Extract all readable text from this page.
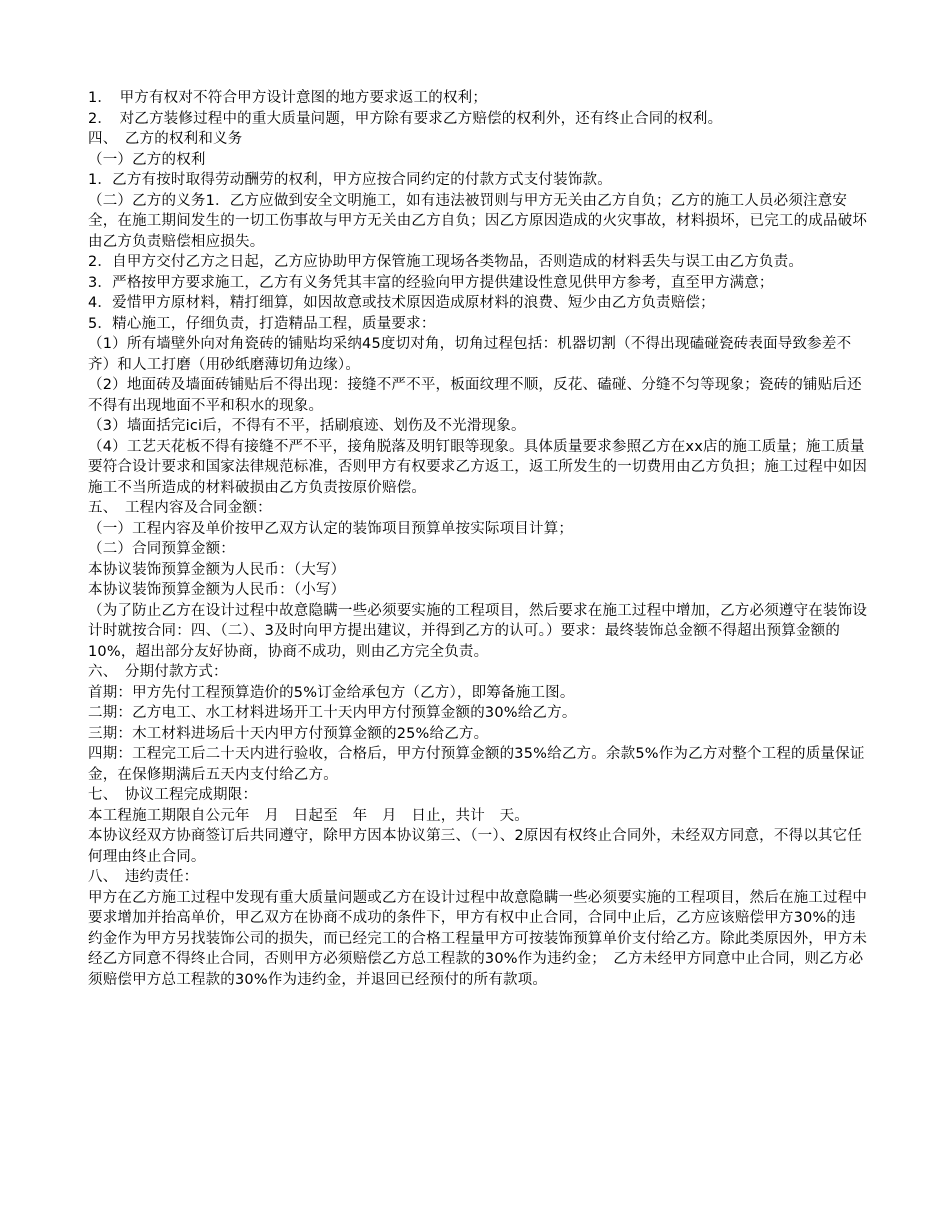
1．　甲方有权对不符合甲方设计意图的地方要求返工的权利；

2．　对乙方装修过程中的重大质量问题，甲方除有要求乙方赔偿的权利外，还有终止合同的权利。

四、　乙方的权利和义务

（一）乙方的权利

1．乙方有按时取得劳动酬劳的权利，甲方应按合同约定的付款方式支付装饰款。

（二）乙方的义务1．乙方应做到安全文明施工，如有违法被罚则与甲方无关由乙方自负；乙方的施工人员必须注意安全，在施工期间发生的一切工伤事故与甲方无关由乙方自负；因乙方原因造成的火灾事故，材料损坏，已完工的成品破坏由乙方负责赔偿相应损失。

2．自甲方交付乙方之日起，乙方应协助甲方保管施工现场各类物品，否则造成的材料丢失与误工由乙方负责。

3．严格按甲方要求施工，乙方有义务凭其丰富的经验向甲方提供建设性意见供甲方参考，直至甲方满意；

4．爱惜甲方原材料，精打细算，如因故意或技术原因造成原材料的浪费、短少由乙方负责赔偿；

5．精心施工，仔细负责，打造精品工程，质量要求：

（1）所有墙壁外向对角瓷砖的铺贴均采纳45度切对角，切角过程包括：机器切割（不得出现磕碰瓷砖表面导致参差不齐）和人工打磨（用砂纸磨薄切角边缘）。

（2）地面砖及墙面砖铺贴后不得出现：接缝不严不平，板面纹理不顺，反花、磕碰、分缝不匀等现象；瓷砖的铺贴后还不得有出现地面不平和积水的现象。

（3）墙面括完ici后，不得有不平，括刷痕迹、划伤及不光滑现象。

（4）工艺天花板不得有接缝不严不平，接角脱落及明钉眼等现象。具体质量要求参照乙方在xx店的施工质量；施工质量要符合设计要求和国家法律规范标准，否则甲方有权要求乙方返工，返工所发生的一切费用由乙方负担；施工过程中如因施工不当所造成的材料破损由乙方负责按原价赔偿。

五、　工程内容及合同金额：

（一）工程内容及单价按甲乙双方认定的装饰项目预算单按实际项目计算；

（二）合同预算金额：

本协议装饰预算金额为人民币：（大写）

本协议装饰预算金额为人民币：（小写）

（为了防止乙方在设计过程中故意隐瞒一些必须要实施的工程项目，然后要求在施工过程中增加，乙方必须遵守在装饰设计时就按合同：四、（二）、3及时向甲方提出建议，并得到乙方的认可。）要求：最终装饰总金额不得超出预算金额的10%，超出部分友好协商，协商不成功，则由乙方完全负责。

六、　分期付款方式：

首期：甲方先付工程预算造价的5%订金给承包方（乙方），即筹备施工图。

二期：乙方电工、水工材料进场开工十天内甲方付预算金额的30%给乙方。

三期：木工材料进场后十天内甲方付预算金额的25%给乙方。

四期：工程完工后二十天内进行验收，合格后，甲方付预算金额的35%给乙方。余款5%作为乙方对整个工程的质量保证金，在保修期满后五天内支付给乙方。

七、　协议工程完成期限：

本工程施工期限自公元年　月　日起至　年　月　日止，共计　天。

本协议经双方协商签订后共同遵守，除甲方因本协议第三、（一）、2原因有权终止合同外，未经双方同意，不得以其它任何理由终止合同。

八、　违约责任：

甲方在乙方施工过程中发现有重大质量问题或乙方在设计过程中故意隐瞒一些必须要实施的工程项目，然后在施工过程中要求增加并抬高单价，甲乙双方在协商不成功的条件下，甲方有权中止合同，合同中止后，乙方应该赔偿甲方30%的违约金作为甲方另找装饰公司的损失，而已经完工的合格工程量甲方可按装饰预算单价支付给乙方。除此类原因外，甲方未经乙方同意不得终止合同，否则甲方必须赔偿乙方总工程款的30%作为违约金；　乙方未经甲方同意中止合同，则乙方必须赔偿甲方总工程款的30%作为违约金，并退回已经预付的所有款项。
